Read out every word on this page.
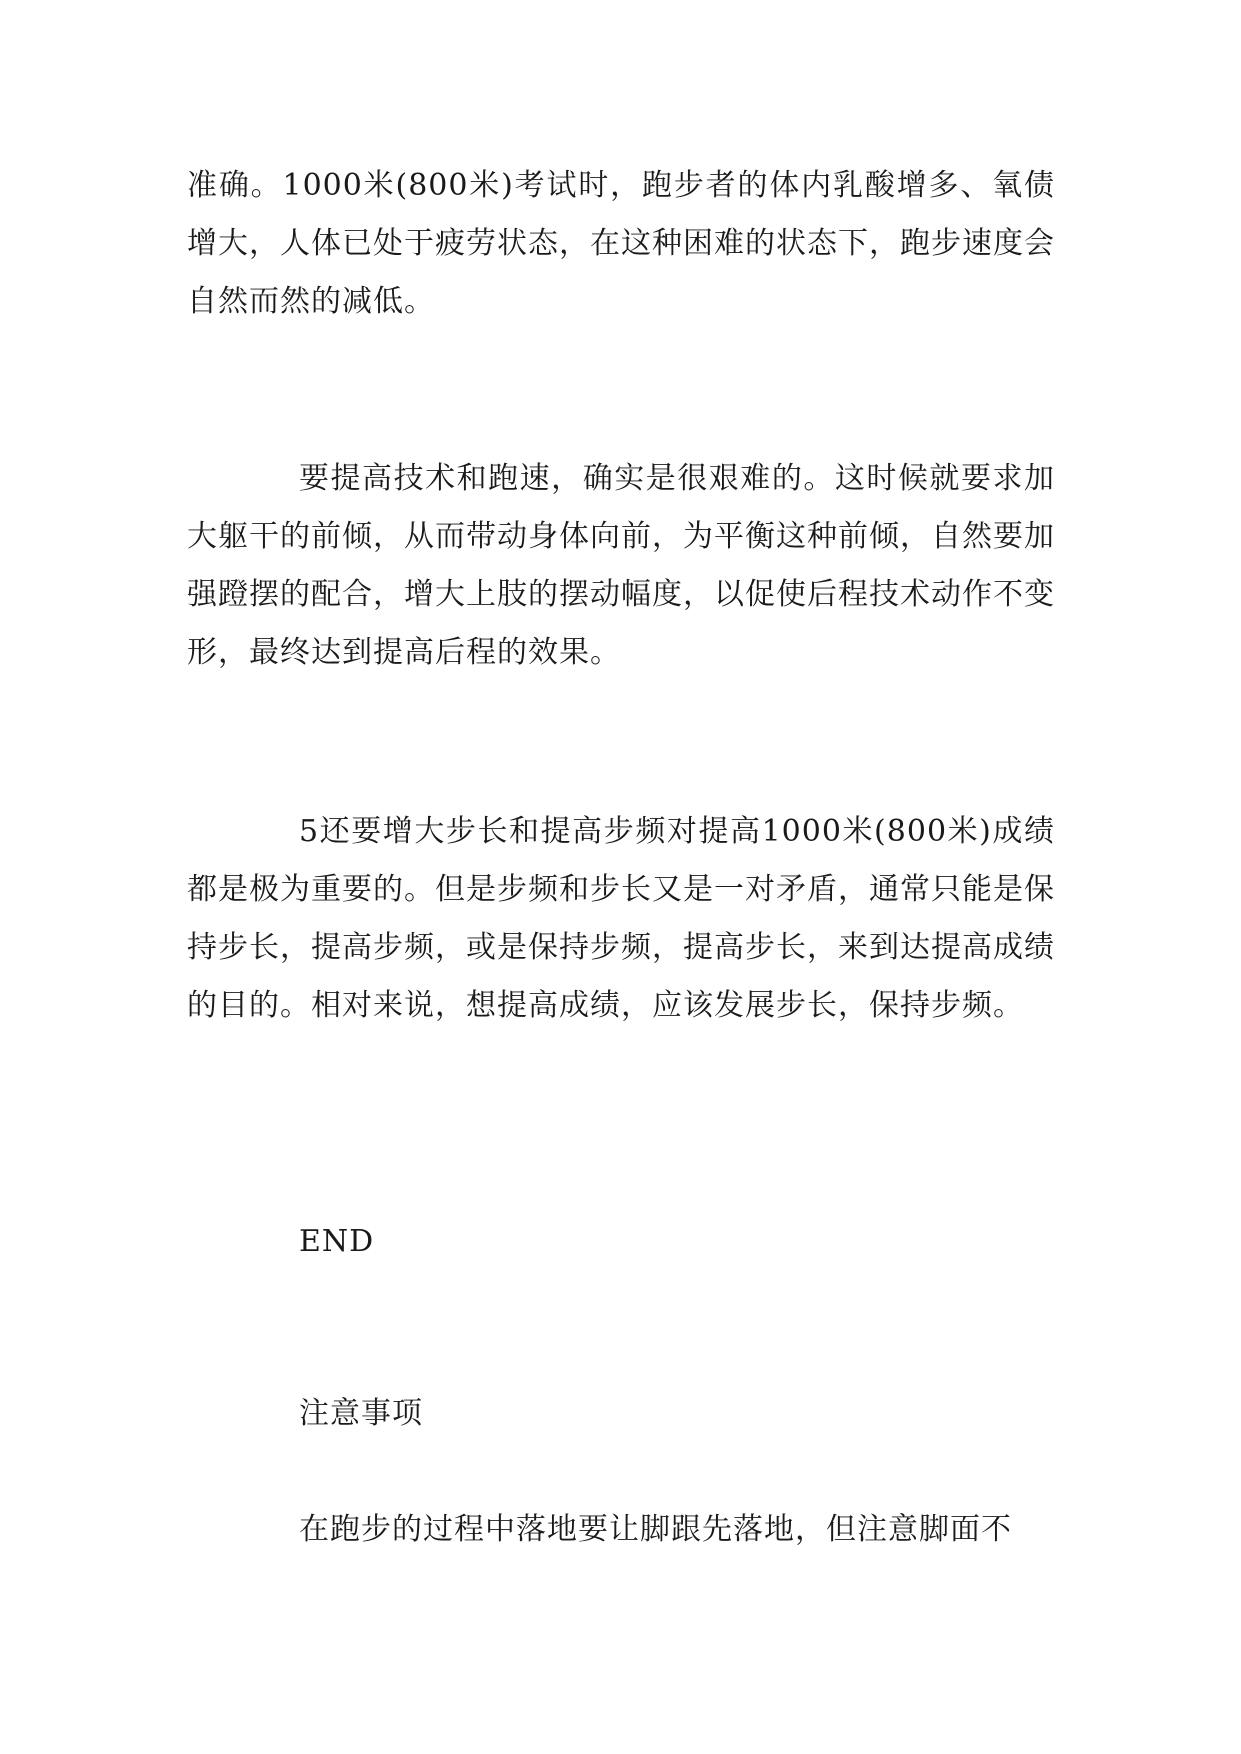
准确。1000米(800米)考试时，跑步者的体内乳酸增多、氧债增大，人体已处于疲劳状态，在这种困难的状态下，跑步速度会自然而然的减低。

要提高技术和跑速，确实是很艰难的。这时候就要求加大躯干的前倾，从而带动身体向前，为平衡这种前倾，自然要加强蹬摆的配合，增大上肢的摆动幅度，以促使后程技术动作不变形，最终达到提高后程的效果。

5还要增大步长和提高步频对提高1000米(800米)成绩都是极为重要的。但是步频和步长又是一对矛盾，通常只能是保持步长，提高步频，或是保持步频，提高步长，来到达提高成绩的目的。相对来说，想提高成绩，应该发展步长，保持步频。

END

注意事项

在跑步的过程中落地要让脚跟先落地，但注意脚面不
